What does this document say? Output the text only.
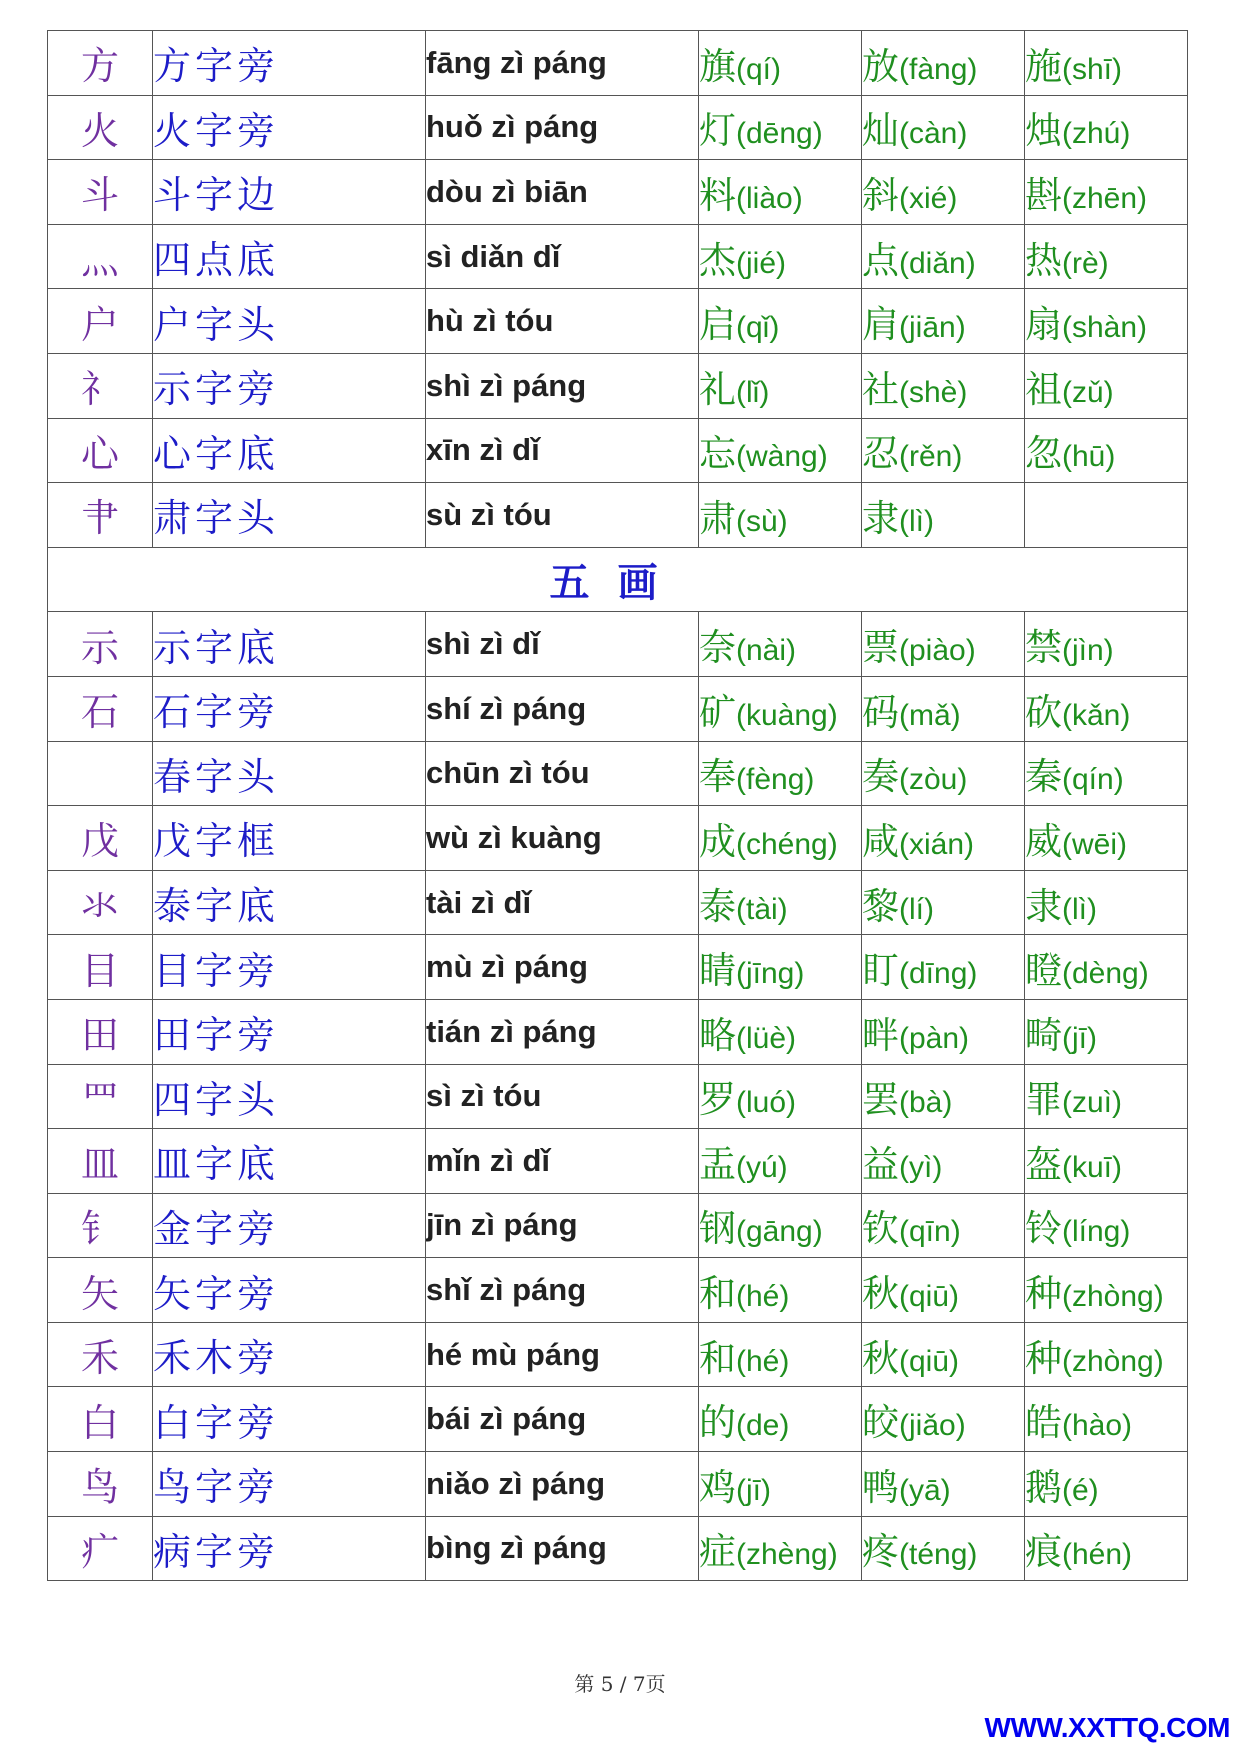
方	方字旁	fāng zì páng	旗(qí)	放(fàng)	施(shī)
火	火字旁	huǒ zì páng	灯(dēng)	灿(càn)	烛(zhú)
斗	斗字边	dòu zì biān	料(liào)	斜(xié)	斟(zhēn)
灬	四点底	sì diǎn dǐ	杰(jié)	点(diǎn)	热(rè)
户	户字头	hù zì tóu	启(qǐ)	肩(jiān)	扇(shàn)
礻	示字旁	shì zì páng	礼(lǐ)	社(shè)	祖(zǔ)
心	心字底	xīn zì dǐ	忘(wàng)	忍(rěn)	忽(hū)
肀	肃字头	sù zì tóu	肃(sù)	隶(lì)	
五画					
示	示字底	shì zì dǐ	奈(nài)	票(piào)	禁(jìn)
石	石字旁	shí zì páng	矿(kuàng)	码(mǎ)	砍(kǎn)
	春字头	chūn zì tóu	奉(fèng)	奏(zòu)	秦(qín)
戊	戊字框	wù zì kuàng	成(chéng)	咸(xián)	威(wēi)
氺	泰字底	tài zì dǐ	泰(tài)	黎(lí)	隶(lì)
目	目字旁	mù zì páng	睛(jīng)	盯(dīng)	瞪(dèng)
田	田字旁	tián zì páng	略(lüè)	畔(pàn)	畸(jī)
罒	四字头	sì zì tóu	罗(luó)	罢(bà)	罪(zuì)
皿	皿字底	mǐn zì dǐ	盂(yú)	益(yì)	盔(kuī)
钅	金字旁	jīn zì páng	钢(gāng)	钦(qīn)	铃(líng)
矢	矢字旁	shǐ zì páng	和(hé)	秋(qiū)	种(zhòng)
禾	禾木旁	hé mù páng	和(hé)	秋(qiū)	种(zhòng)
白	白字旁	bái zì páng	的(de)	皎(jiǎo)	皓(hào)
鸟	鸟字旁	niǎo zì páng	鸡(jī)	鸭(yā)	鹅(é)
疒	病字旁	bìng zì páng	症(zhèng)	疼(téng)	痕(hén)
第 5 / 7页
WWW.XXTTQ.COM
